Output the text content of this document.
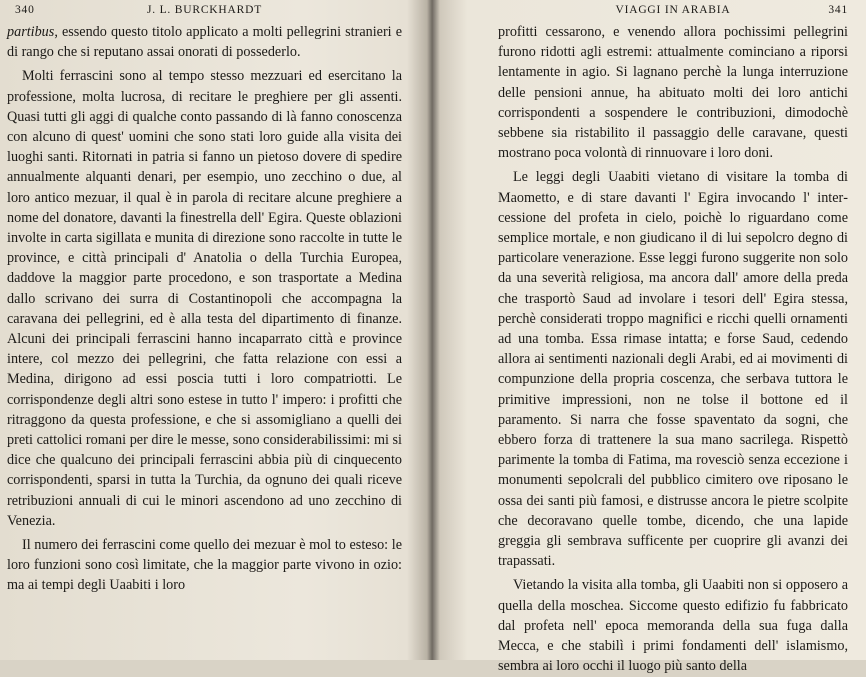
340	J. L. BURCKHARDT

partibus, essendo questo titolo applicato a molti pellegrini stranieri e di rango che si reputano assai onorati di possederlo.

Molti ferrascini sono al tempo stesso mezzuari ed esercitano la professione, molta lucrosa, di recitare le preghiere per gli assenti. Quasi tutti gli aggi di qualche conto passando di là fanno conoscenza con alcuno di quest' uomini che sono stati loro guide alla visita dei luoghi santi. Ritornati in patria si fanno un pietoso dovere di spedire annualmente alquanti denari, per esempio, uno zecchino o due, al loro antico mezuar, il qual è in parola di recitare alcune preghiere a nome del donatore, davanti la finestrella dell' Egira. Queste oblazioni involte in carta sigillata e munita di direzione sono raccolte in tutte le province, e città principali d' Anatolia o della Turchia Europea, daddove la maggior parte procedono, e son trasportate a Medina dallo scrivano dei surra di Costantinopoli che accompagna la caravana dei pellegrini, ed è alla testa del dipartimento di finanze. Alcuni dei principali ferrascini hanno incaparrato città e province intere, col mezzo dei pellegrini, che fatta relazione con essi a Medina, dirigono ad essi poscia tutti i loro compatriotti. Le corrispondenze degli altri sono estese in tutto l' impero: i profitti che ritraggono da questa professione, e che si assomigliano a quelli dei preti cattolici romani per dire le messe, sono considerabilissimi: mi si dice che qualcuno dei principali ferrascini abbia più di cinquecento corrispondenti, sparsi in tutta la Turchia, da ognuno dei quali riceve retribuzioni annuali di cui le minori ascendono ad uno zecchino di Venezia.

Il numero dei ferrascini come quello dei mezuar è mol to esteso: le loro funzioni sono così limitate, che la maggior parte vivono in ozio: ma ai tempi degli Uaabiti i loro

VIAGGI IN ARABIA	341

profitti cessarono, e venendo allora pochissimi pellegrini furono ridotti agli estremi: attualmente cominciano a riporsi lentamente in agio. Si lagnano perchè la lunga interruzione delle pensioni annue, ha abituato molti dei loro antichi corrispondenti a sospendere le contribuzioni, dimodochè sebbene sia ristabilito il passaggio delle caravane, questi mostrano poca volontà di rinnuovare i loro doni.

Le leggi degli Uaabiti vietano di visitare la tomba di Maometto, e di stare davanti l' Egira invocando l' intercessione del profeta in cielo, poichè lo riguardano come semplice mortale, e non giudicano il di lui sepolcro degno di particolare venerazione. Esse leggi furono suggerite non solo da una severità religiosa, ma ancora dall' amore della preda che trasportò Saud ad involare i tesori dell' Egira stessa, perchè considerati troppo magnifici e ricchi quelli ornamenti ad una tomba. Essa rimase intatta; e forse Saud, cedendo allora ai sentimenti nazionali degli Arabi, ed ai movimenti di compunzione della propria coscenza, che serbava tuttora le primitive impressioni, non ne tolse il bottone ed il paramento. Si narra che fosse spaventato da sogni, che ebbero forza di trattenere la sua mano sacrilega. Rispettò parimente la tomba di Fatima, ma rovesciò senza eccezione i monumenti sepolcrali del pubblico cimitero ove riposano le ossa dei santi più famosi, e distrusse ancora le pietre scolpite che decoravano quelle tombe, dicendo, che una lapide greggia gli sembrava sufficente per cuoprire gli avanzi dei trapassati.

Vietando la visita alla tomba, gli Uaabiti non si opposero a quella della moschea. Siccome questo edifizio fu fabbricato dal profeta nell' epoca memoranda della sua fuga dalla Mecca, e che stabilì i primi fondamenti dell' islamismo, sembra ai loro occhi il luogo più santo della
